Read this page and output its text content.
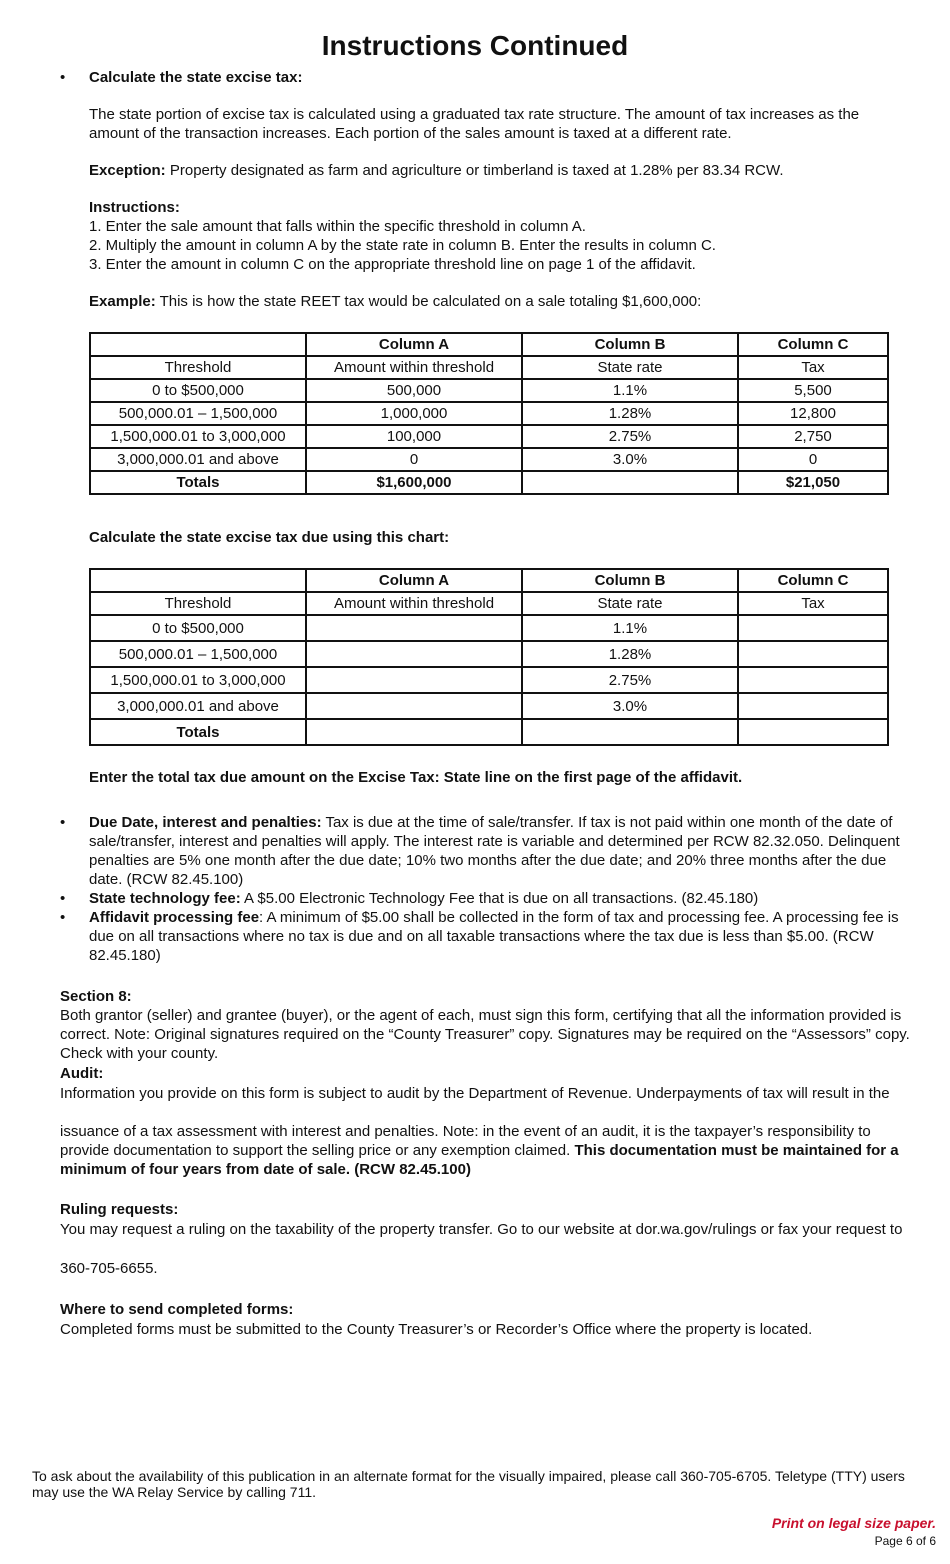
Instructions Continued
• Calculate the state excise tax:

The state portion of excise tax is calculated using a graduated tax rate structure. The amount of tax increases as the amount of the transaction increases. Each portion of the sales amount is taxed at a different rate.

Exception: Property designated as farm and agriculture or timberland is taxed at 1.28% per 83.34 RCW.

Instructions:
1. Enter the sale amount that falls within the specific threshold in column A.
2. Multiply the amount in column A by the state rate in column B. Enter the results in column C.
3. Enter the amount in column C on the appropriate threshold line on page 1 of the affidavit.

Example: This is how the state REET tax would be calculated on a sale totaling $1,600,000:

	Column A	Column B	Column C
Threshold	Amount within threshold	State rate	Tax
0 to $500,000	500,000	1.1%	5,500
500,000.01 – 1,500,000	1,000,000	1.28%	12,800
1,500,000.01 to 3,000,000	100,000	2.75%	2,750
3,000,000.01 and above	0	3.0%	0
Totals	$1,600,000		$21,050
Calculate the state excise tax due using this chart:
	Column A	Column B	Column C
Threshold	Amount within threshold	State rate	Tax
0 to $500,000		1.1%	
500,000.01 – 1,500,000		1.28%	
1,500,000.01 to 3,000,000		2.75%	
3,000,000.01 and above		3.0%	
Totals			
Enter the total tax due amount on the Excise Tax: State line on the first page of the affidavit.
• Due Date, interest and penalties: Tax is due at the time of sale/transfer. If tax is not paid within one month of the date of sale/transfer, interest and penalties will apply. The interest rate is variable and determined per RCW 82.32.050. Delinquent penalties are 5% one month after the due date; 10% two months after the due date; and 20% three months after the due date. (RCW 82.45.100)

• State technology fee: A $5.00 Electronic Technology Fee that is due on all transactions. (82.45.180)

• Affidavit processing fee: A minimum of $5.00 shall be collected in the form of tax and processing fee. A processing fee is due on all transactions where no tax is due and on all taxable transactions where the tax due is less than $5.00. (RCW 82.45.180)

Section 8:

Both grantor (seller) and grantee (buyer), or the agent of each, must sign this form, certifying that all the information provided is correct. Note: Original signatures required on the “County Treasurer” copy. Signatures may be required on the “Assessors” copy. Check with your county.

Audit:

Information you provide on this form is subject to audit by the Department of Revenue. Underpayments of tax will result in the

issuance of a tax assessment with interest and penalties. Note: in the event of an audit, it is the taxpayer’s responsibility to provide documentation to support the selling price or any exemption claimed. This documentation must be maintained for a minimum of four years from date of sale. (RCW 82.45.100)

Ruling requests:

You may request a ruling on the taxability of the property transfer. Go to our website at dor.wa.gov/rulings or fax your request to

360-705-6655.

Where to send completed forms:

Completed forms must be submitted to the County Treasurer’s or Recorder’s Office where the property is located.

To ask about the availability of this publication in an alternate format for the visually impaired, please call 360-705-6705. Teletype (TTY) users may use the WA Relay Service by calling 711.

Print on legal size paper.
Page 6 of 6
